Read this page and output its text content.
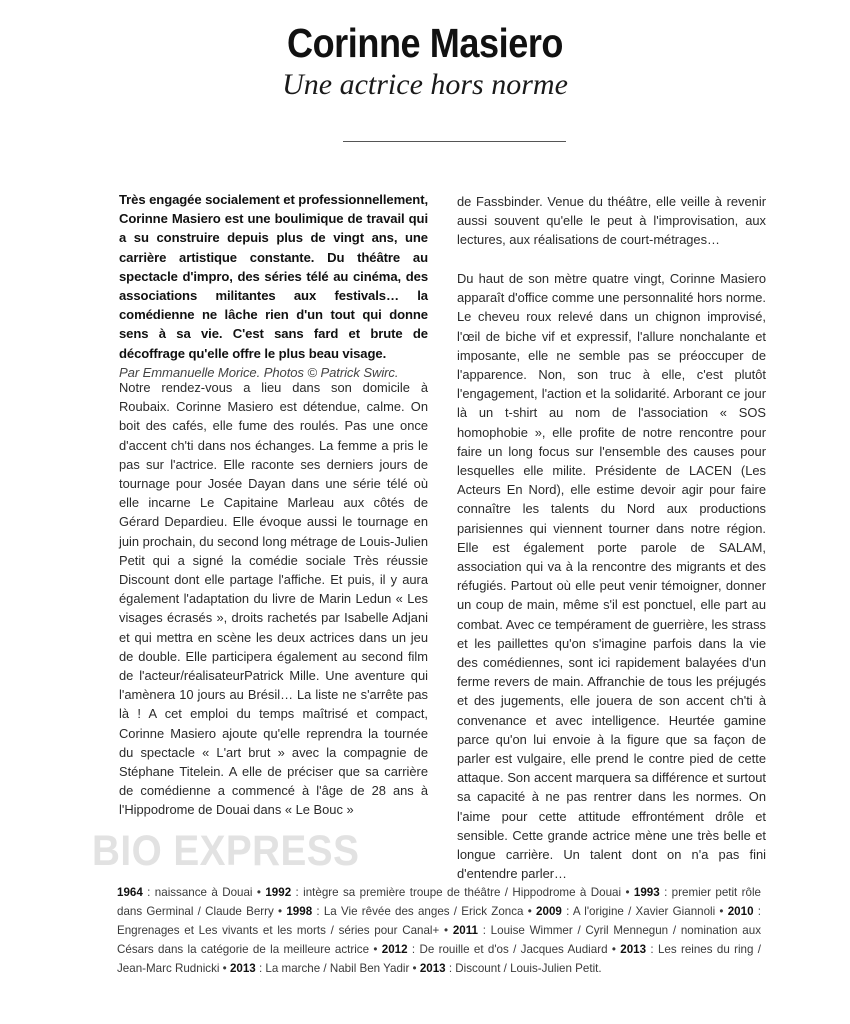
Corinne Masiero
Une actrice hors norme

Très engagée socialement et professionnellement, Corinne Masiero est une boulimique de travail qui a su construire depuis plus de vingt ans, une carrière artistique constante. Du théâtre au spectacle d'impro, des séries télé au cinéma, des associations militantes aux festivals… la comédienne ne lâche rien d'un tout qui donne sens à sa vie. C'est sans fard et brute de décoffrage qu'elle offre le plus beau visage.

Par Emmanuelle Morice. Photos © Patrick Swirc.

Notre rendez-vous a lieu dans son domicile à Roubaix. Corinne Masiero est détendue, calme. On boit des cafés, elle fume des roulés. Pas une once d'accent ch'ti dans nos échanges. La femme a pris le pas sur l'actrice. Elle raconte ses derniers jours de tournage pour Josée Dayan dans une série télé où elle incarne Le Capitaine Marleau aux côtés de Gérard Depardieu. Elle évoque aussi le tournage en juin prochain, du second long métrage de Louis-Julien Petit qui a signé la comédie sociale Très réussie Discount dont elle partage l'affiche. Et puis, il y aura également l'adaptation du livre de Marin Ledun « Les visages écrasés », droits rachetés par Isabelle Adjani et qui mettra en scène les deux actrices dans un jeu de double. Elle participera également au second film de l'acteur/réalisateurPatrick Mille. Une aventure qui l'amènera 10 jours au Brésil… La liste ne s'arrête pas là ! A cet emploi du temps maîtrisé et compact, Corinne Masiero ajoute qu'elle reprendra la tournée du spectacle « L'art brut » avec la compagnie de Stéphane Titelein. A elle de préciser que sa carrière de comédienne a commencé à l'âge de 28 ans à l'Hippodrome de Douai dans « Le Bouc »

de Fassbinder. Venue du théâtre, elle veille à revenir aussi souvent qu'elle le peut à l'improvisation, aux lectures, aux réalisations de court-métrages…

Du haut de son mètre quatre vingt, Corinne Masiero apparaît d'office comme une personnalité hors norme. Le cheveu roux relevé dans un chignon improvisé, l'œil de biche vif et expressif, l'allure nonchalante et imposante, elle ne semble pas se préoccuper de l'apparence. Non, son truc à elle, c'est plutôt l'engagement, l'action et la solidarité. Arborant ce jour là un t-shirt au nom de l'association « SOS homophobie », elle profite de notre rencontre pour faire un long focus sur l'ensemble des causes pour lesquelles elle milite. Présidente de LACEN (Les Acteurs En Nord), elle estime devoir agir pour faire connaître les talents du Nord aux productions parisiennes qui viennent tourner dans notre région. Elle est également porte parole de SALAM, association qui va à la rencontre des migrants et des réfugiés. Partout où elle peut venir témoigner, donner un coup de main, même s'il est ponctuel, elle part au combat. Avec ce tempérament de guerrière, les strass et les paillettes qu'on s'imagine parfois dans la vie des comédiennes, sont ici rapidement balayées d'un ferme revers de main. Affranchie de tous les préjugés et des jugements, elle jouera de son accent ch'ti à convenance et avec intelligence. Heurtée gamine parce qu'on lui envoie à la figure que sa façon de parler est vulgaire, elle prend le contre pied de cette attaque. Son accent marquera sa différence et surtout sa capacité à ne pas rentrer dans les normes. On l'aime pour cette attitude effrontément drôle et sensible. Cette grande actrice mène une très belle et longue carrière. Un talent dont on n'a pas fini d'entendre parler…

BIO EXPRESS
1964 : naissance à Douai • 1992 : intègre sa première troupe de théâtre / Hippodrome à Douai • 1993 : premier petit rôle dans Germinal / Claude Berry • 1998 : La Vie rêvée des anges / Erick Zonca • 2009 : A l'origine / Xavier Giannoli • 2010 : Engrenages et Les vivants et les morts / séries pour Canal+ • 2011 : Louise Wimmer / Cyril Mennegun / nomination aux Césars dans la catégorie de la meilleure actrice • 2012 : De rouille et d'os / Jacques Audiard • 2013 : Les reines du ring / Jean-Marc Rudnicki • 2013 : La marche / Nabil Ben Yadir • 2013 : Discount / Louis-Julien Petit.
